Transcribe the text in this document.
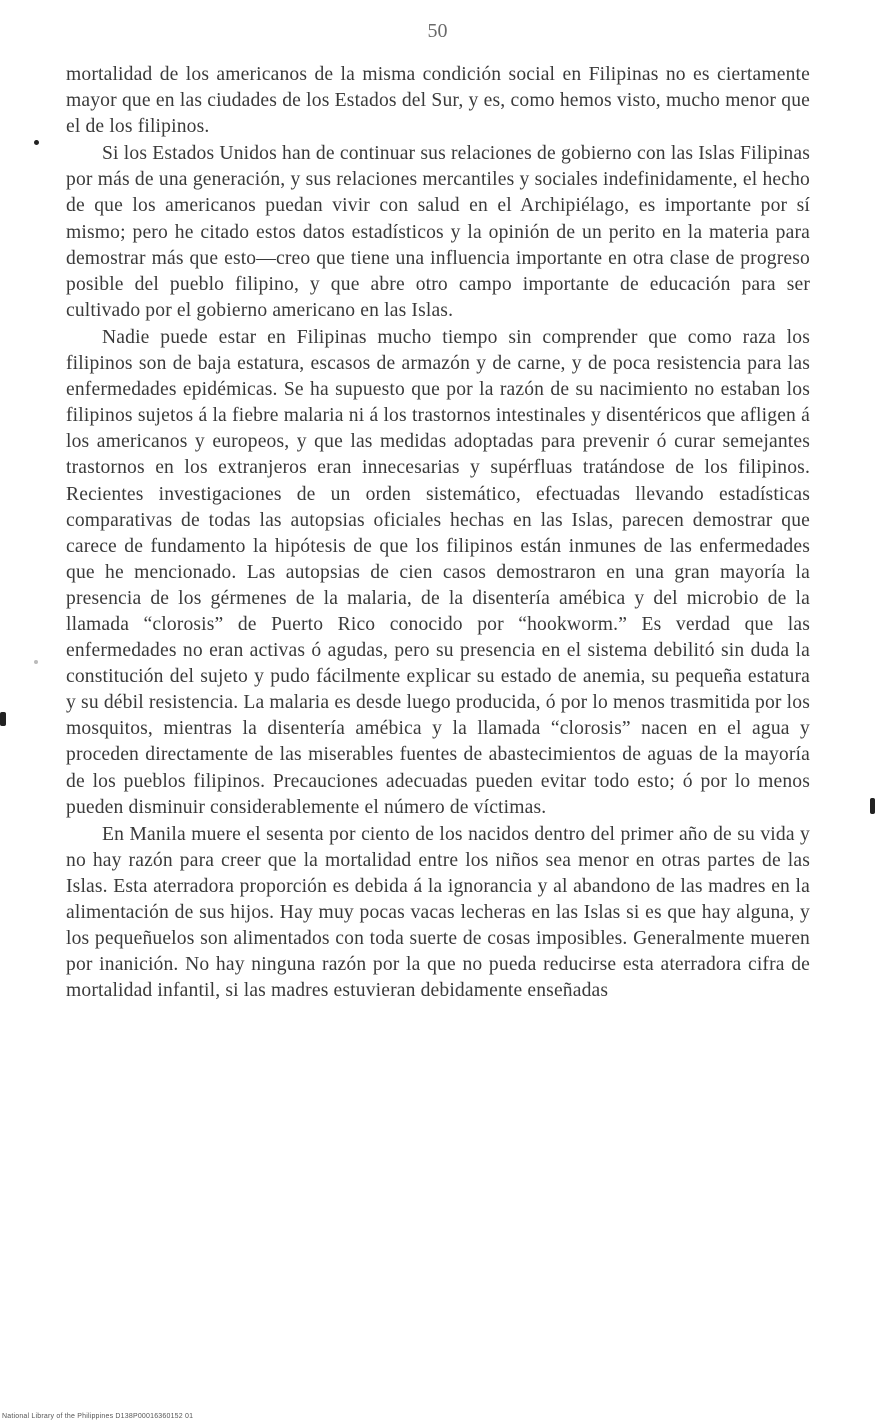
50

mortalidad de los americanos de la misma condición social en Filipinas no es ciertamente mayor que en las ciudades de los Estados del Sur, y es, como hemos visto, mucho menor que el de los filipinos.

Si los Estados Unidos han de continuar sus relaciones de gobierno con las Islas Filipinas por más de una generación, y sus relaciones mercantiles y sociales indefinidamente, el hecho de que los americanos puedan vivir con salud en el Archipiélago, es importante por sí mismo; pero he citado estos datos estadísticos y la opinión de un perito en la materia para demostrar más que esto—creo que tiene una influencia importante en otra clase de progreso posible del pueblo filipino, y que abre otro campo importante de educación para ser cultivado por el gobierno americano en las Islas.

Nadie puede estar en Filipinas mucho tiempo sin comprender que como raza los filipinos son de baja estatura, escasos de armazón y de carne, y de poca resistencia para las enfermedades epidémicas. Se ha supuesto que por la razón de su nacimiento no estaban los filipinos sujetos á la fiebre malaria ni á los trastornos intestinales y disentéricos que afligen á los americanos y europeos, y que las medidas adoptadas para prevenir ó curar semejantes trastornos en los extranjeros eran innecesarias y supérfluas tratándose de los filipinos. Recientes investigaciones de un orden sistemático, efectuadas llevando estadísticas comparativas de todas las autopsias oficiales hechas en las Islas, parecen demostrar que carece de fundamento la hipótesis de que los filipinos están inmunes de las enfermedades que he mencionado. Las autopsias de cien casos demostraron en una gran mayoría la presencia de los gérmenes de la malaria, de la disentería amébica y del microbio de la llamada “clorosis” de Puerto Rico conocido por “hookworm.” Es verdad que las enfermedades no eran activas ó agudas, pero su presencia en el sistema debilitó sin duda la constitución del sujeto y pudo fácilmente explicar su estado de anemia, su pequeña estatura y su débil resistencia. La malaria es desde luego producida, ó por lo menos trasmitida por los mosquitos, mientras la disentería amébica y la llamada “clorosis” nacen en el agua y proceden directamente de las miserables fuentes de abastecimientos de aguas de la mayoría de los pueblos filipinos. Precauciones adecuadas pueden evitar todo esto; ó por lo menos pueden disminuir considerablemente el número de víctimas.

En Manila muere el sesenta por ciento de los nacidos dentro del primer año de su vida y no hay razón para creer que la mortalidad entre los niños sea menor en otras partes de las Islas. Esta aterradora proporción es debida á la ignorancia y al abandono de las madres en la alimentación de sus hijos. Hay muy pocas vacas lecheras en las Islas si es que hay alguna, y los pequeñuelos son alimentados con toda suerte de cosas imposibles. Generalmente mueren por inanición. No hay ninguna razón por la que no pueda reducirse esta aterradora cifra de mortalidad infantil, si las madres estuvieran debidamente enseñadas

National Library of the Philippines D138P00016360152 01
